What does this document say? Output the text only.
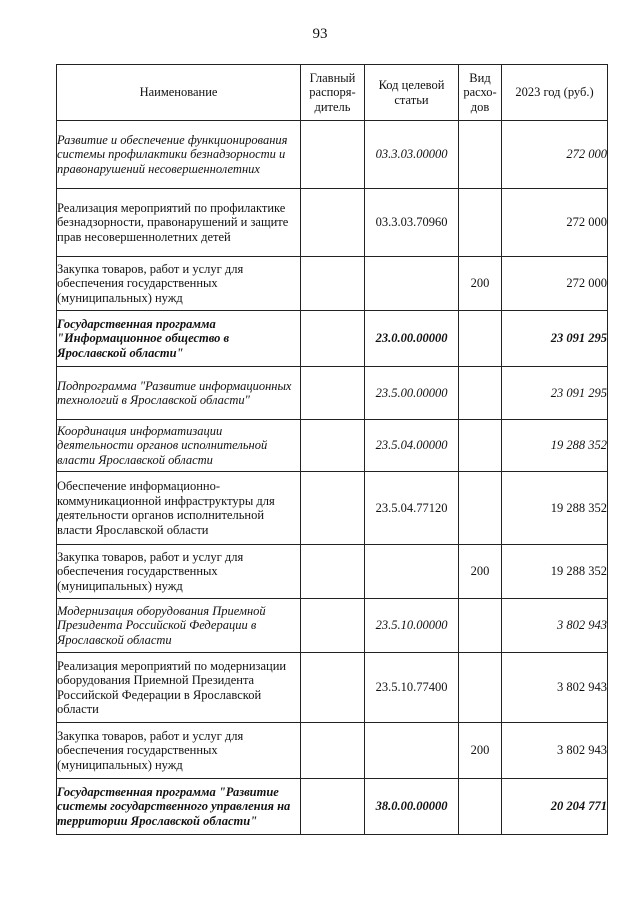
93
Наименование	Главный распоря-дитель	Код целевой статьи	Вид расхо-дов	2023 год (руб.)

Развитие и обеспечение функционирования системы профилактики безнадзорности и правонарушений несовершеннолетних		03.3.03.00000		272 000
Реализация мероприятий по профилактике безнадзорности, правонарушений и защите прав несовершеннолетних детей		03.3.03.70960		272 000
Закупка товаров, работ и услуг для обеспечения государственных (муниципальных) нужд			200	272 000
Государственная программа "Информационное общество в Ярославской области"		23.0.00.00000		23 091 295
Подпрограмма "Развитие информационных технологий в Ярославской области"		23.5.00.00000		23 091 295
Координация информатизации деятельности органов исполнительной власти Ярославской области		23.5.04.00000		19 288 352
Обеспечение информационно-коммуникационной инфраструктуры для деятельности органов исполнительной власти Ярославской области		23.5.04.77120		19 288 352
Закупка товаров, работ и услуг для обеспечения государственных (муниципальных) нужд			200	19 288 352
Модернизация оборудования Приемной Президента Российской Федерации в Ярославской области		23.5.10.00000		3 802 943
Реализация мероприятий по модернизации оборудования Приемной Президента Российской Федерации в Ярославской области		23.5.10.77400		3 802 943
Закупка товаров, работ и услуг для обеспечения государственных (муниципальных) нужд			200	3 802 943
Государственная программа "Развитие системы государственного управления на территории Ярославской области"		38.0.00.00000		20 204 771
